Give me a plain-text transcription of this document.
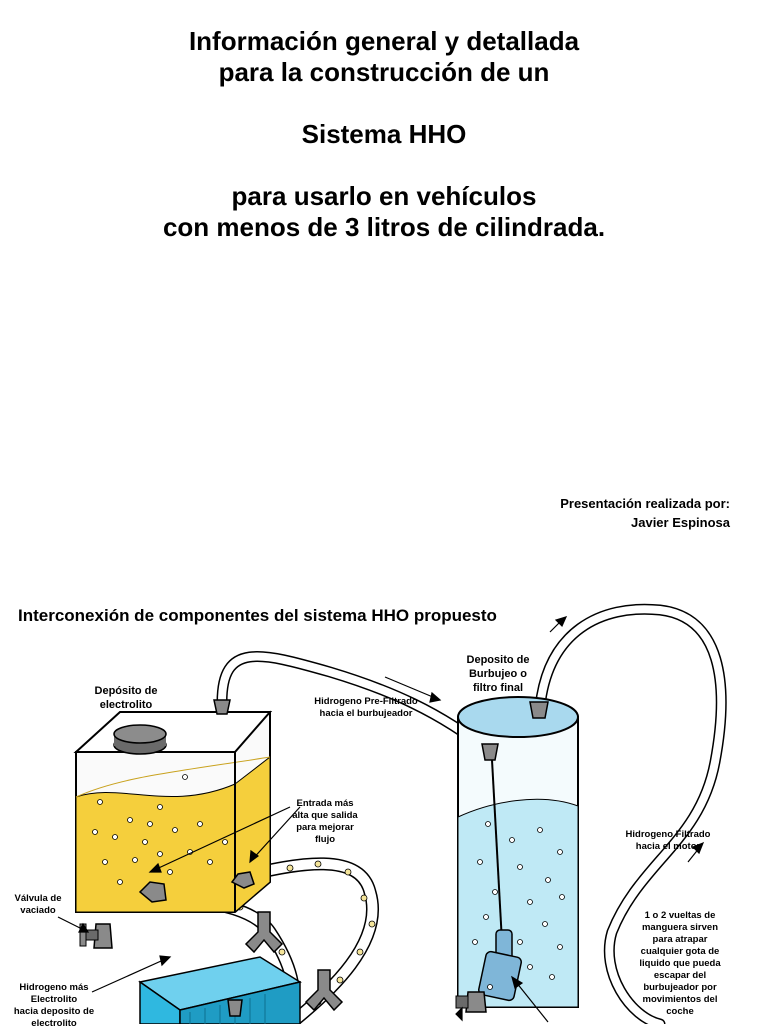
Información general y detallada
para la construcción de un
Sistema HHO
para usarlo en vehículos
con menos de 3 litros de cilindrada.
Presentación realizada por:
Javier Espinosa
Interconexión de componentes del sistema HHO propuesto
Depósito de
electrolito
Deposito de
Burbujeo o
filtro final
Hidrogeno Pre-Filtrado
hacia el burbujeador
Entrada más
alta que salida
para mejorar
flujo
Válvula de
vaciado
Hidrogeno Filtrado
hacia el motor
1 o 2 vueltas de
manguera sirven
para atrapar
cualquier gota de
liquido que pueda
escapar del
burbujeador por
movimientos del
coche
Hidrogeno más
Electrolito
hacia deposito de
electrolito
